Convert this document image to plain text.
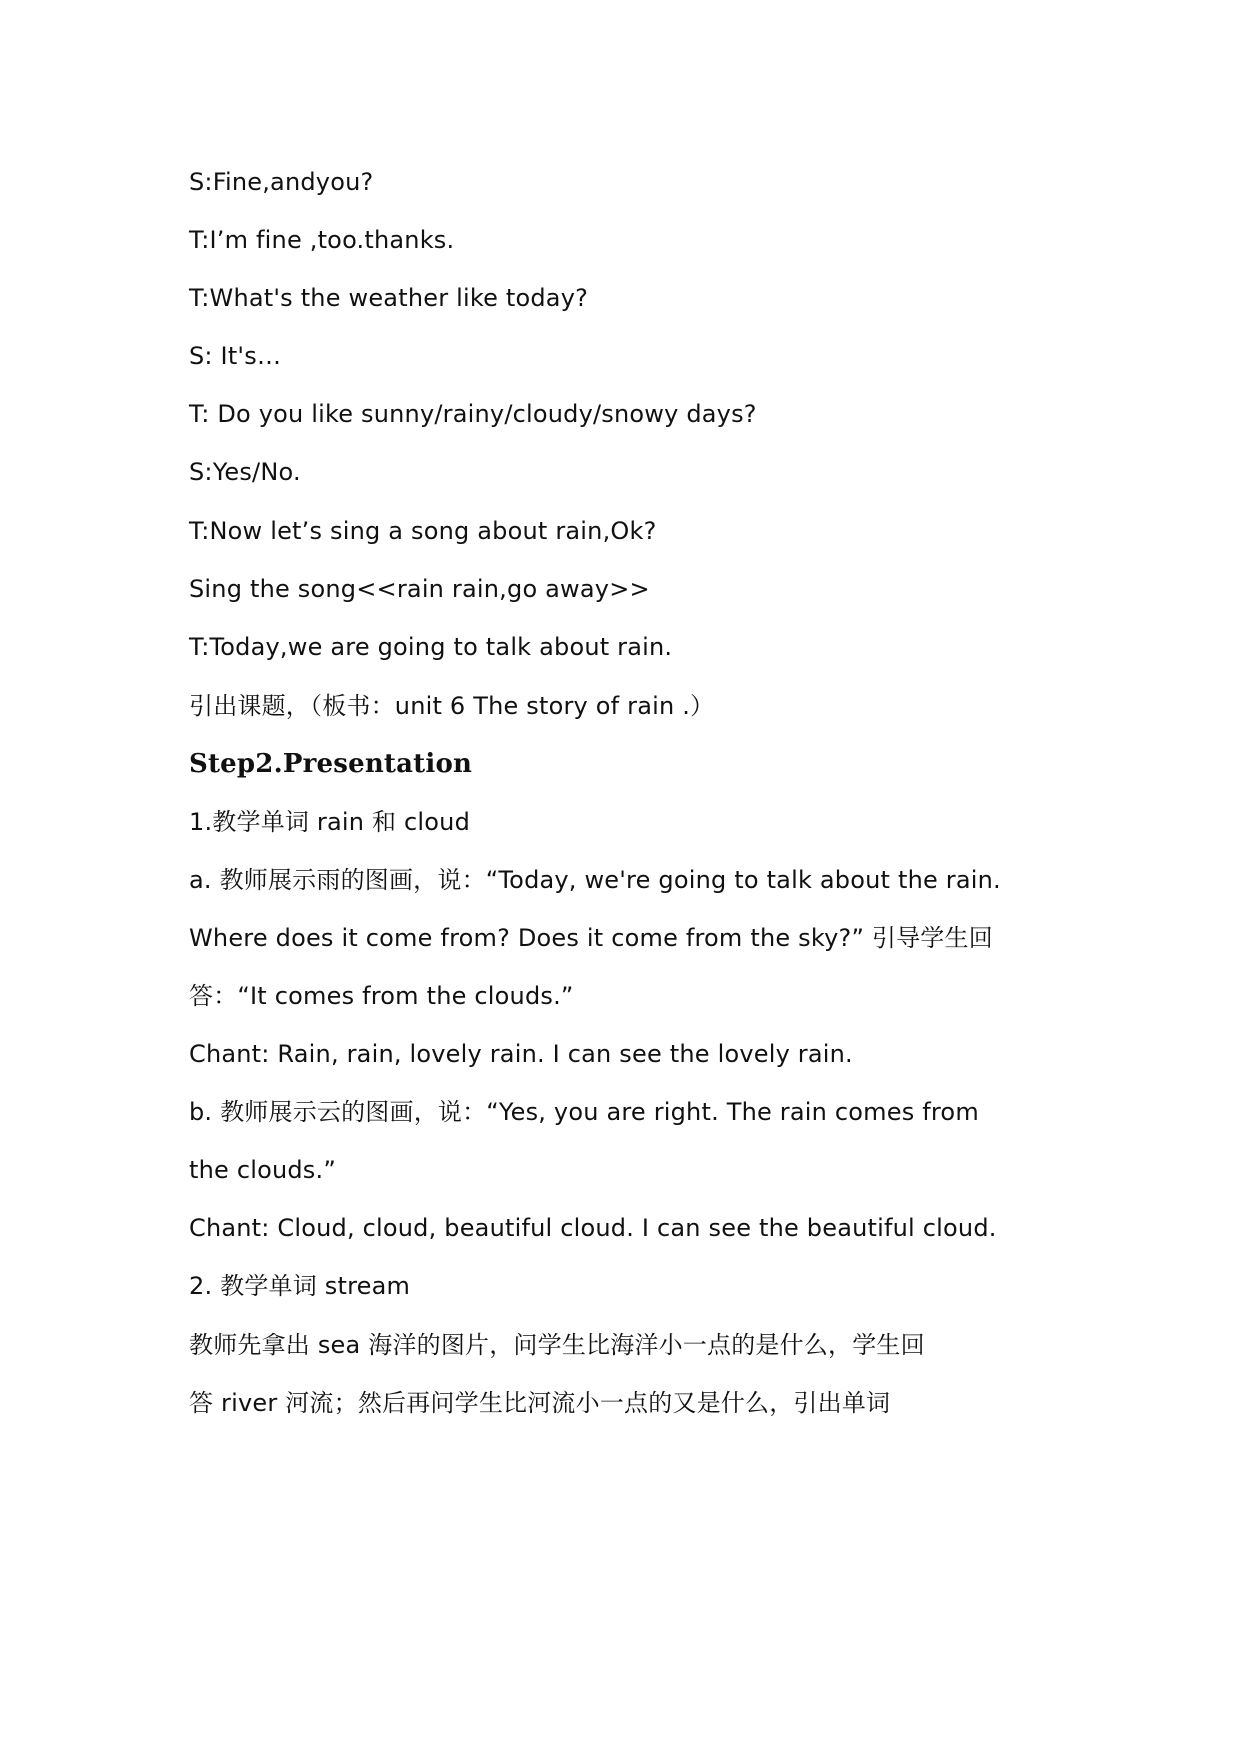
S:Fine,andyou?
T:I’m fine ,too.thanks.
T:What's the weather like today?
S: It's…
T: Do you like sunny/rainy/cloudy/snowy days?
S:Yes/No.
T:Now let’s sing a song about rain,Ok?
Sing the song<<rain rain,go away>>
T:Today,we are going to talk about rain.
引出课题，（板书：unit 6 The story of rain .）
Step2.Presentation
1.教学单词 rain 和 cloud
a. 教师展示雨的图画，说：“Today, we're going to talk about the rain.
Where does it come from? Does it come from the sky?” 引导学生回
答：“It comes from the clouds.”
Chant: Rain, rain, lovely rain. I can see the lovely rain.
b. 教师展示云的图画，说：“Yes, you are right. The rain comes from
the clouds.”
Chant: Cloud, cloud, beautiful cloud. I can see the beautiful cloud.
2. 教学单词 stream
教师先拿出 sea 海洋的图片，问学生比海洋小一点的是什么，学生回
答 river 河流；然后再问学生比河流小一点的又是什么，引出单词
